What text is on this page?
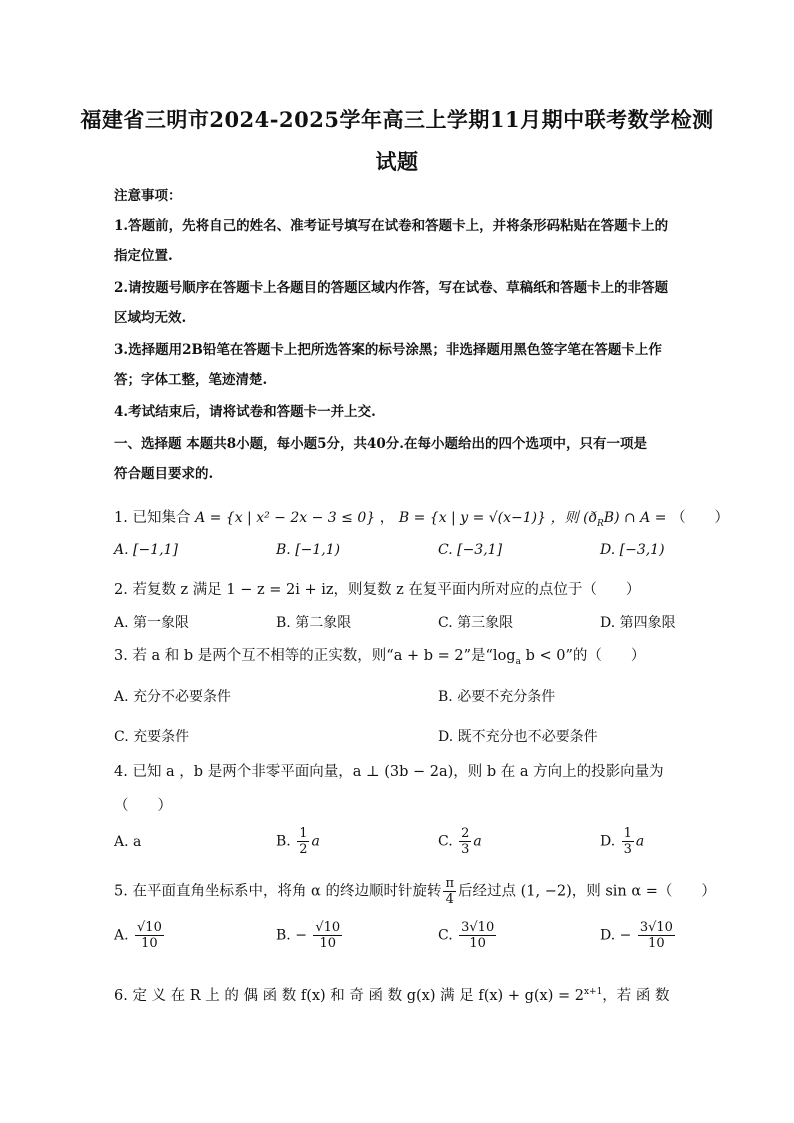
福建省三明市2024-2025学年高三上学期11月期中联考数学检测
试题
注意事项：
1.答题前，先将自己的姓名、准考证号填写在试卷和答题卡上，并将条形码粘贴在答题卡上的
指定位置.
2.请按题号顺序在答题卡上各题目的答题区域内作答，写在试卷、草稿纸和答题卡上的非答题
区域均无效.
3.选择题用2B铅笔在答题卡上把所选答案的标号涂黑；非选择题用黑色签字笔在答题卡上作
答；字体工整，笔迹清楚.
4.考试结束后，请将试卷和答题卡一并上交.
一、选择题 本题共8小题，每小题5分，共40分.在每小题给出的四个选项中，只有一项是
符合题目要求的.
1. 已知集合 A = {x | x² − 2x − 3 ≤ 0} ， B = {x | y = √(x−1)} ，则 $(ð_RB)$ ∩ A = （　　）
A. [−1,1]	B. [−1,1)	C. [−3,1]	D. [−3,1)
2. 若复数 z 满足 1 − z = 2i + iz，则复数 z 在复平面内所对应的点位于（　　）
A. 第一象限	B. 第二象限	C. 第三象限	D. 第四象限
3. 若 a 和 b 是两个互不相等的正实数，则“a + b = 2”是“$\log_a$ b < 0”的（　　）
A. 充分不必要条件	B. 必要不充分条件
C. 充要条件	D. 既不充分也不必要条件
4. 已知 a ，b 是两个非零平面向量，a ⊥ (3b − 2a)，则 b 在 a 方向上的投影向量为
（　　）
A. a	B. $\frac{1}{2}$ a	C. $\frac{2}{3}$ a	D. $\frac{1}{3}$ a
5. 在平面直角坐标系中，将角 α 的终边顺时针旋转 $\frac{\pi}{4}$ 后经过点 (1, −2)，则 sin α =（　　）
A. $\frac{√10}{10}$	B. − $\frac{√10}{10}$	C. $\frac{3√10}{10}$	D. − $\frac{3√10}{10}$
6. 定 义 在 R 上 的 偶 函 数 f(x) 和 奇 函 数 g(x) 满 足 $f(x) + g(x) = 2^{x+1}$，若 函 数
